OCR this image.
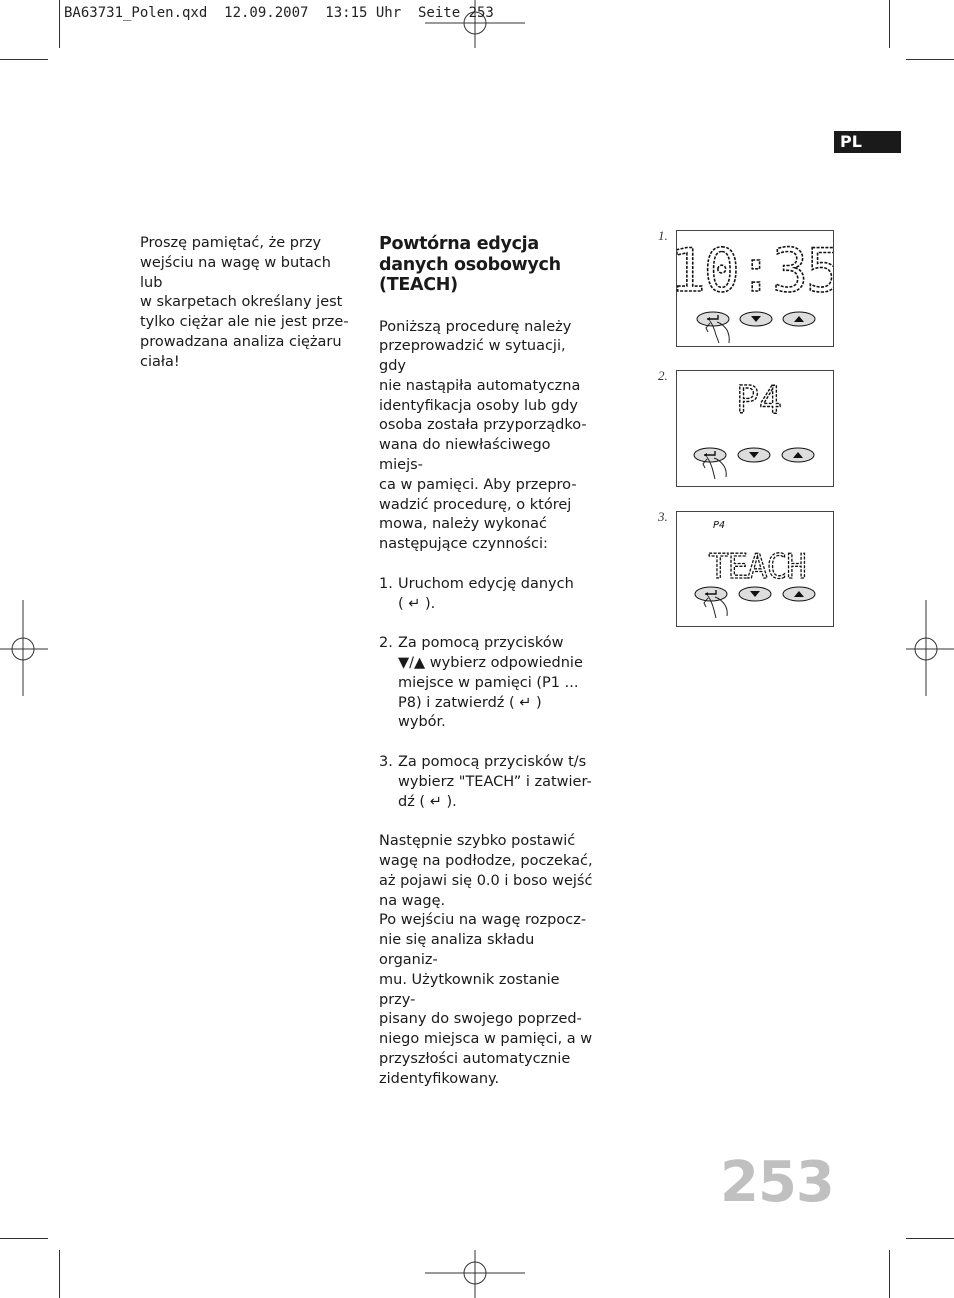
BA63731_Polen.qxd  12.09.2007  13:15 Uhr  Seite 253
PL
Proszę pamiętać, że przy
wejściu na wagę w butach lub
w skarpetach określany jest
tylko ciężar ale nie jest prze-
prowadzana analiza ciężaru
ciała!
Powtórna edycja
danych osobowych
(TEACH)
Poniższą procedurę należy
przeprowadzić w sytuacji, gdy
nie nastąpiła automatyczna
identyfikacja osoby lub gdy
osoba została przyporządko-
wana do niewłaściwego miejs-
ca w pamięci. Aby przepro-
wadzić procedurę, o której
mowa, należy wykonać
następujące czynności:
1. Uruchom edycję danych
( ↵ ).
2. Za pomocą przycisków
▼/▲ wybierz odpowiednie
miejsce w pamięci (P1 ...
P8) i zatwierdź ( ↵ )
wybór.
3. Za pomocą przycisków t/s
wybierz "TEACH” i zatwier-
dź ( ↵ ).
Następnie szybko postawić
wagę na podłodze, poczekać,
aż pojawi się 0.0 i boso wejść
na wagę.
Po wejściu na wagę rozpocz-
nie się analiza składu organiz-
mu. Użytkownik zostanie przy-
pisany do swojego poprzed-
niego miejsca w pamięci, a w
przyszłości automatycznie
zidentyfikowany.
1.
10:35
2.
P4
3.
P4
TEACH
253
